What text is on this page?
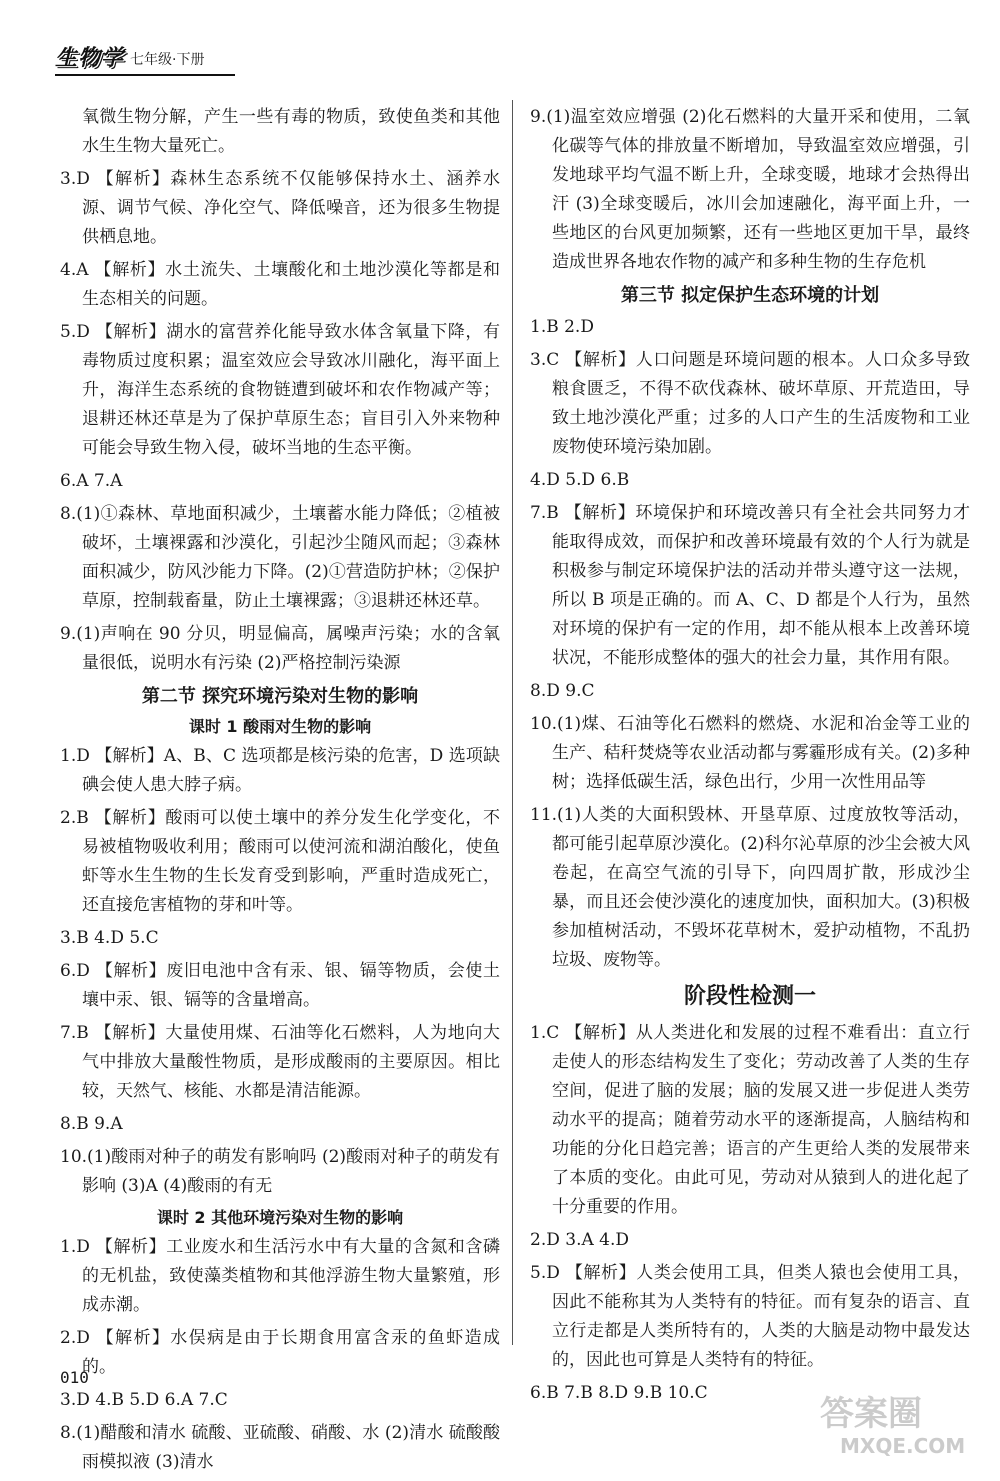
生物学 七年级·下册
氧微生物分解，产生一些有毒的物质，致使鱼类和其他水生生物大量死亡。
3.D 【解析】森林生态系统不仅能够保持水土、涵养水源、调节气候、净化空气、降低噪音，还为很多生物提供栖息地。
4.A 【解析】水土流失、土壤酸化和土地沙漠化等都是和生态相关的问题。
5.D 【解析】湖水的富营养化能导致水体含氧量下降，有毒物质过度积累；温室效应会导致冰川融化，海平面上升，海洋生态系统的食物链遭到破坏和农作物减产等；退耕还林还草是为了保护草原生态；盲目引入外来物种可能会导致生物入侵，破坏当地的生态平衡。
6.A 7.A
8.(1)①森林、草地面积减少，土壤蓄水能力降低；②植被破坏，土壤裸露和沙漠化，引起沙尘随风而起；③森林面积减少，防风沙能力下降。(2)①营造防护林；②保护草原，控制载畜量，防止土壤裸露；③退耕还林还草。
9.(1)声响在 90 分贝，明显偏高，属噪声污染；水的含氧量很低，说明水有污染 (2)严格控制污染源
第二节 探究环境污染对生物的影响
课时 1 酸雨对生物的影响
1.D 【解析】A、B、C 选项都是核污染的危害，D 选项缺碘会使人患大脖子病。
2.B 【解析】酸雨可以使土壤中的养分发生化学变化，不易被植物吸收利用；酸雨可以使河流和湖泊酸化，使鱼虾等水生生物的生长发育受到影响，严重时造成死亡，还直接危害植物的芽和叶等。
3.B 4.D 5.C
6.D 【解析】废旧电池中含有汞、银、镉等物质，会使土壤中汞、银、镉等的含量增高。
7.B 【解析】大量使用煤、石油等化石燃料，人为地向大气中排放大量酸性物质，是形成酸雨的主要原因。相比较，天然气、核能、水都是清洁能源。
8.B 9.A
10.(1)酸雨对种子的萌发有影响吗 (2)酸雨对种子的萌发有影响 (3)A (4)酸雨的有无
课时 2 其他环境污染对生物的影响
1.D 【解析】工业废水和生活污水中有大量的含氮和含磷的无机盐，致使藻类植物和其他浮游生物大量繁殖，形成赤潮。
2.D 【解析】水俣病是由于长期食用富含汞的鱼虾造成的。
3.D 4.B 5.D 6.A 7.C
8.(1)醋酸和清水 硫酸、亚硫酸、硝酸、水 (2)清水 硫酸酸雨模拟液 (3)清水
9.(1)温室效应增强 (2)化石燃料的大量开采和使用，二氧化碳等气体的排放量不断增加，导致温室效应增强，引发地球平均气温不断上升，全球变暖，地球才会热得出汗 (3)全球变暖后，冰川会加速融化，海平面上升，一些地区的台风更加频繁，还有一些地区更加干旱，最终造成世界各地农作物的减产和多种生物的生存危机
第三节 拟定保护生态环境的计划
1.B 2.D
3.C 【解析】人口问题是环境问题的根本。人口众多导致粮食匮乏，不得不砍伐森林、破坏草原、开荒造田，导致土地沙漠化严重；过多的人口产生的生活废物和工业废物使环境污染加剧。
4.D 5.D 6.B
7.B 【解析】环境保护和环境改善只有全社会共同努力才能取得成效，而保护和改善环境最有效的个人行为就是积极参与制定环境保护法的活动并带头遵守这一法规，所以 B 项是正确的。而 A、C、D 都是个人行为，虽然对环境的保护有一定的作用，却不能从根本上改善环境状况，不能形成整体的强大的社会力量，其作用有限。
8.D 9.C
10.(1)煤、石油等化石燃料的燃烧、水泥和冶金等工业的生产、秸秆焚烧等农业活动都与雾霾形成有关。(2)多种树；选择低碳生活，绿色出行，少用一次性用品等
11.(1)人类的大面积毁林、开垦草原、过度放牧等活动，都可能引起草原沙漠化。(2)科尔沁草原的沙尘会被大风卷起，在高空气流的引导下，向四周扩散，形成沙尘暴，而且还会使沙漠化的速度加快，面积加大。(3)积极参加植树活动，不毁坏花草树木，爱护动植物，不乱扔垃圾、废物等。
阶段性检测一
1.C 【解析】从人类进化和发展的过程不难看出：直立行走使人的形态结构发生了变化；劳动改善了人类的生存空间，促进了脑的发展；脑的发展又进一步促进人类劳动水平的提高；随着劳动水平的逐渐提高，人脑结构和功能的分化日趋完善；语言的产生更给人类的发展带来了本质的变化。由此可见，劳动对从猿到人的进化起了十分重要的作用。
2.D 3.A 4.D
5.D 【解析】人类会使用工具，但类人猿也会使用工具，因此不能称其为人类特有的特征。而有复杂的语言、直立行走都是人类所特有的，人类的大脑是动物中最发达的，因此也可算是人类特有的特征。
6.B 7.B 8.D 9.B 10.C
010
答案圈
MXQE.COM
